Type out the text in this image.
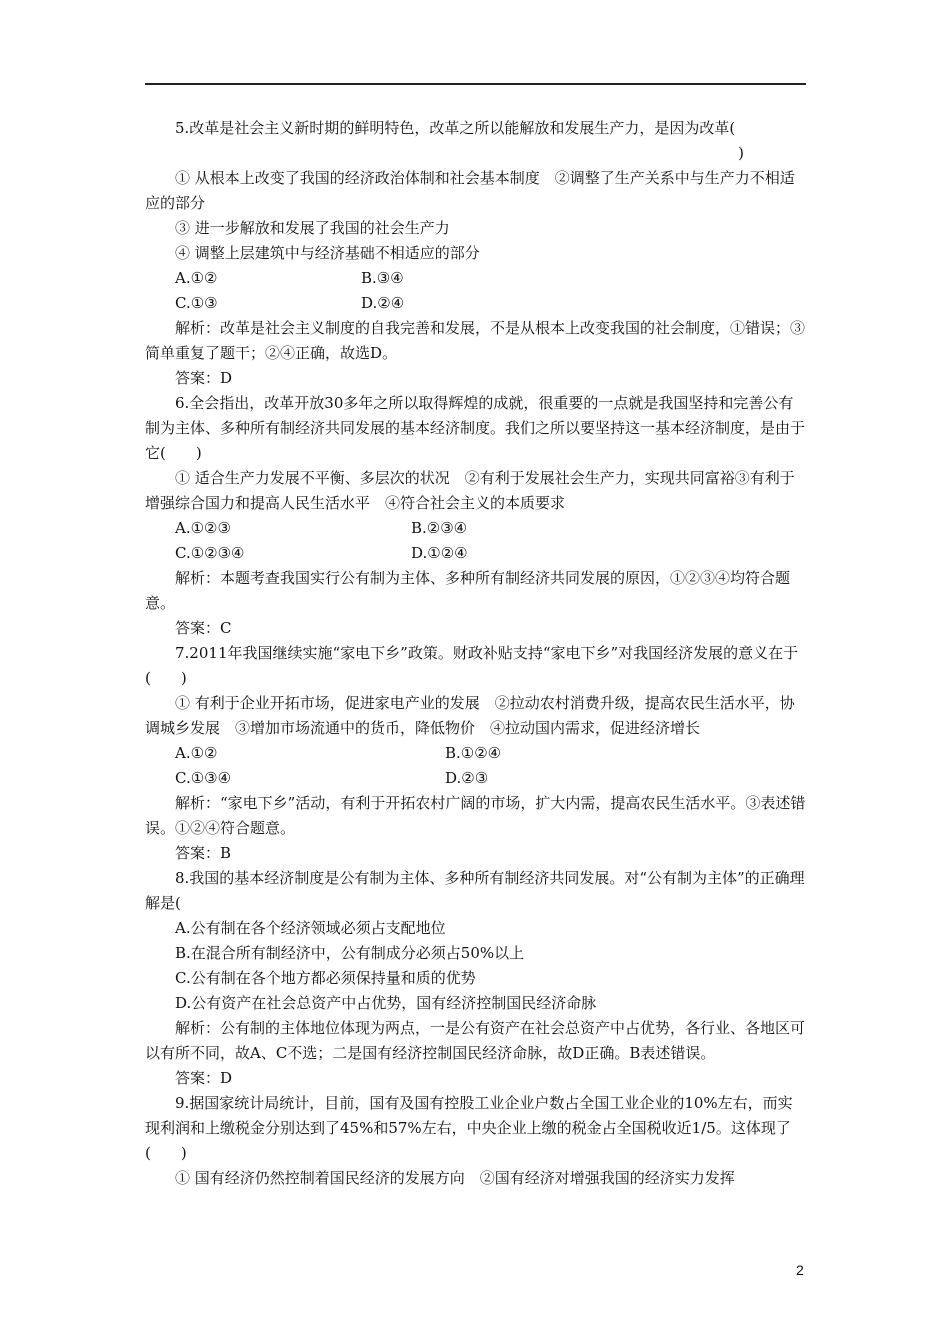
5.改革是社会主义新时期的鲜明特色，改革之所以能解放和发展生产力，是因为改革(

)

① 从根本上改变了我国的经济政治体制和社会基本制度　②调整了生产关系中与生产力不相适应的部分

③ 进一步解放和发展了我国的社会生产力

④ 调整上层建筑中与经济基础不相适应的部分

A.①②	B.③④
C.①③	D.②④

解析：改革是社会主义制度的自我完善和发展，不是从根本上改变我国的社会制度，①错误；③简单重复了题干；②④正确，故选D。

答案：D

6.全会指出，改革开放30多年之所以取得辉煌的成就，很重要的一点就是我国坚持和完善公有制为主体、多种所有制经济共同发展的基本经济制度。我们之所以要坚持这一基本经济制度，是由于它(　　)

① 适合生产力发展不平衡、多层次的状况　②有利于发展社会生产力，实现共同富裕③有利于增强综合国力和提高人民生活水平　④符合社会主义的本质要求

A.①②③	B.②③④
C.①②③④	D.①②④

解析：本题考查我国实行公有制为主体、多种所有制经济共同发展的原因，①②③④均符合题意。

答案：C

7.2011年我国继续实施“家电下乡”政策。财政补贴支持“家电下乡”对我国经济发展的意义在于(　　)

① 有利于企业开拓市场，促进家电产业的发展　②拉动农村消费升级，提高农民生活水平，协调城乡发展　③增加市场流通中的货币，降低物价　④拉动国内需求，促进经济增长

A.①②	B.①②④
C.①③④	D.②③

解析：“家电下乡”活动，有利于开拓农村广阔的市场，扩大内需，提高农民生活水平。③表述错误。①②④符合题意。

答案：B

8.我国的基本经济制度是公有制为主体、多种所有制经济共同发展。对“公有制为主体”的正确理解是(

A.公有制在各个经济领域必须占支配地位

B.在混合所有制经济中，公有制成分必须占50%以上

C.公有制在各个地方都必须保持量和质的优势

D.公有资产在社会总资产中占优势，国有经济控制国民经济命脉

解析：公有制的主体地位体现为两点，一是公有资产在社会总资产中占优势，各行业、各地区可以有所不同，故A、C不选；二是国有经济控制国民经济命脉，故D正确。B表述错误。

答案：D

9.据国家统计局统计，目前，国有及国有控股工业企业户数占全国工业企业的10%左右，而实现利润和上缴税金分别达到了45%和57%左右，中央企业上缴的税金占全国税收近1/5。这体现了(　　)

① 国有经济仍然控制着国民经济的发展方向　②国有经济对增强我国的经济实力发挥

2
